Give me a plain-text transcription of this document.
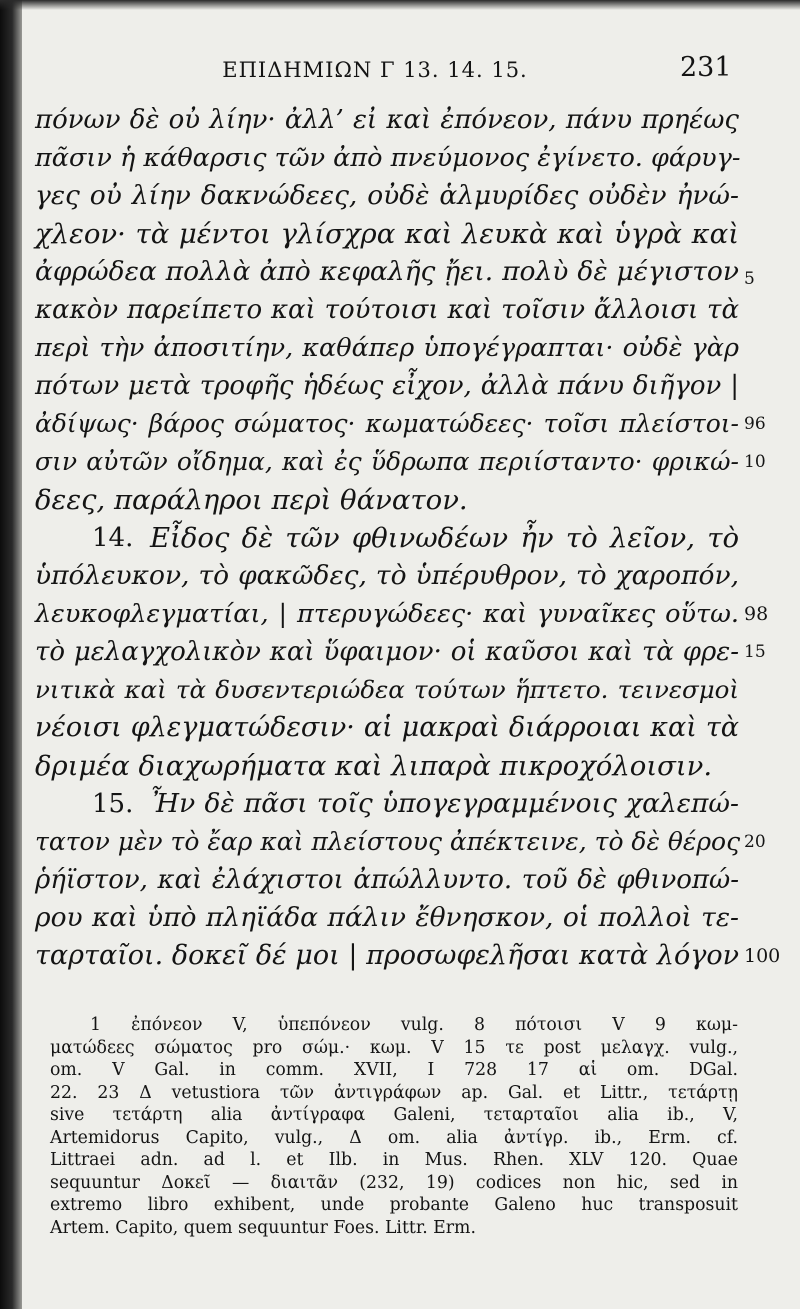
ΕΠΙΔΗΜΙΩΝ Γ 13. 14. 15.	231
πόνων δὲ οὐ λίην· ἀλλ’ εἰ καὶ ἐπόνεον, πάνυ πρηέως
πᾶσιν ἡ κάθαρσις τῶν ἀπὸ πνεύμονος ἐγίνετο. φάρυγ-
γες οὐ λίην δακνώδεες, οὐδὲ ἁλμυρίδες οὐδὲν ἠνώ-
χλεον· τὰ μέντοι γλίσχρα καὶ λευκὰ καὶ ὑγρὰ καὶ
ἀφρώδεα πολλὰ ἀπὸ κεφαλῆς ᾔει. πολὺ δὲ μέγιστον 5
κακὸν παρείπετο καὶ τούτοισι καὶ τοῖσιν ἄλλοισι τὰ
περὶ τὴν ἀποσιτίην, καθάπερ ὑπογέγραπται· οὐδὲ γὰρ
πότων μετὰ τροφῆς ἡδέως εἶχον, ἀλλὰ πάνυ διῆγον |
ἀδίψως· βάρος σώματος· κωματώδεες· τοῖσι πλείστοι- 96
σιν αὐτῶν οἴδημα, καὶ ἐς ὕδρωπα περιίσταντο· φρικώ- 10
δεες, παράληροι περὶ θάνατον.
14. Εἶδος δὲ τῶν φθινωδέων ἦν τὸ λεῖον, τὸ
ὑπόλευκον, τὸ φακῶδες, τὸ ὑπέρυθρον, τὸ χαροπόν,
λευκοφλεγματίαι, | πτερυγώδεες· καὶ γυναῖκες οὕτω. 98
τὸ μελαγχολικὸν καὶ ὕφαιμον· οἱ καῦσοι καὶ τὰ φρε- 15
νιτικὰ καὶ τὰ δυσεντεριώδεα τούτων ἥπτετο. τεινεσμοὶ
νέοισι φλεγματώδεσιν· αἱ μακραὶ διάρροιαι καὶ τὰ
δριμέα διαχωρήματα καὶ λιπαρὰ πικροχόλοισιν.
15. Ἦν δὲ πᾶσι τοῖς ὑπογεγραμμένοις χαλεπώ-
τατον μὲν τὸ ἔαρ καὶ πλείστους ἀπέκτεινε, τὸ δὲ θέρος 20
ῥήϊστον, καὶ ἐλάχιστοι ἀπώλλυντο. τοῦ δὲ φθινοπώ-
ρου καὶ ὑπὸ πληϊάδα πάλιν ἔθνησκον, οἱ πολλοὶ τε-
ταρταῖοι. δοκεῖ δέ μοι | προσωφελῆσαι κατὰ λόγον 100
1 ἐπόνεον V, ὑπεπόνεον vulg. 8 πότοισι V 9 κωμ-
ματώδεες σώματος pro σώμ.· κωμ. V 15 τε post μελαγχ. vulg.,
om. V Gal. in comm. XVII, I 728 17 αἱ om. DGal.
22. 23 Δ vetustiora τῶν ἀντιγράφων ap. Gal. et Littr., τετάρτῃ
sive τετάρτη alia ἀντίγραφα Galeni, τεταρταῖοι alia ib., V,
Artemidorus Capito, vulg., Δ om. alia ἀντίγρ. ib., Erm. cf.
Littraei adn. ad l. et Ilb. in Mus. Rhen. XLV 120. Quae
sequuntur Δοκεῖ — διαιτᾶν (232, 19) codices non hic, sed in
extremo libro exhibent, unde probante Galeno huc transposuit
Artem. Capito, quem sequuntur Foes. Littr. Erm.
